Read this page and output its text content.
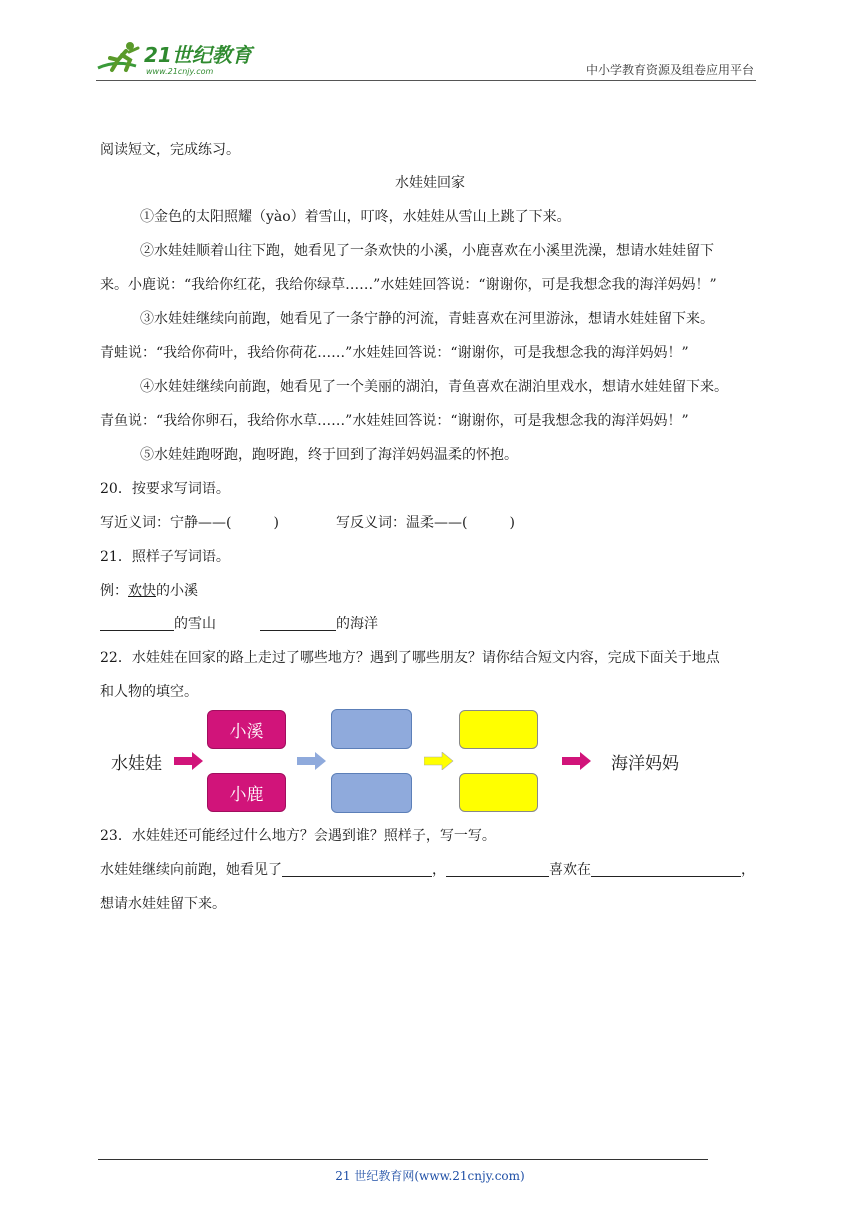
21世纪教育
www.21cnjy.com	中小学教育资源及组卷应用平台
阅读短文，完成练习。
水娃娃回家
①金色的太阳照耀（yào）着雪山，叮咚，水娃娃从雪山上跳了下来。
②水娃娃顺着山往下跑，她看见了一条欢快的小溪，小鹿喜欢在小溪里洗澡，想请水娃娃留下
来。小鹿说：“我给你红花，我给你绿草……”水娃娃回答说：“谢谢你，可是我想念我的海洋妈妈！”
③水娃娃继续向前跑，她看见了一条宁静的河流，青蛙喜欢在河里游泳，想请水娃娃留下来。
青蛙说：“我给你荷叶，我给你荷花……”水娃娃回答说：“谢谢你，可是我想念我的海洋妈妈！”
④水娃娃继续向前跑，她看见了一个美丽的湖泊，青鱼喜欢在湖泊里戏水，想请水娃娃留下来。
青鱼说：“我给你卵石，我给你水草……”水娃娃回答说：“谢谢你，可是我想念我的海洋妈妈！”
⑤水娃娃跑呀跑，跑呀跑，终于回到了海洋妈妈温柔的怀抱。
20．按要求写词语。
写近义词：宁静——(	)	写反义词：温柔——(	)
21．照样子写词语。
例：欢快的小溪
的雪山	的海洋
22．水娃娃在回家的路上走过了哪些地方？遇到了哪些朋友？请你结合短文内容，完成下面关于地点
和人物的填空。
水娃娃
小溪
小鹿
海洋妈妈
23．水娃娃还可能经过什么地方？会遇到谁？照样子，写一写。
水娃娃继续向前跑，她看见了	，	喜欢在	，
想请水娃娃留下来。
21 世纪教育网(www.21cnjy.com)
